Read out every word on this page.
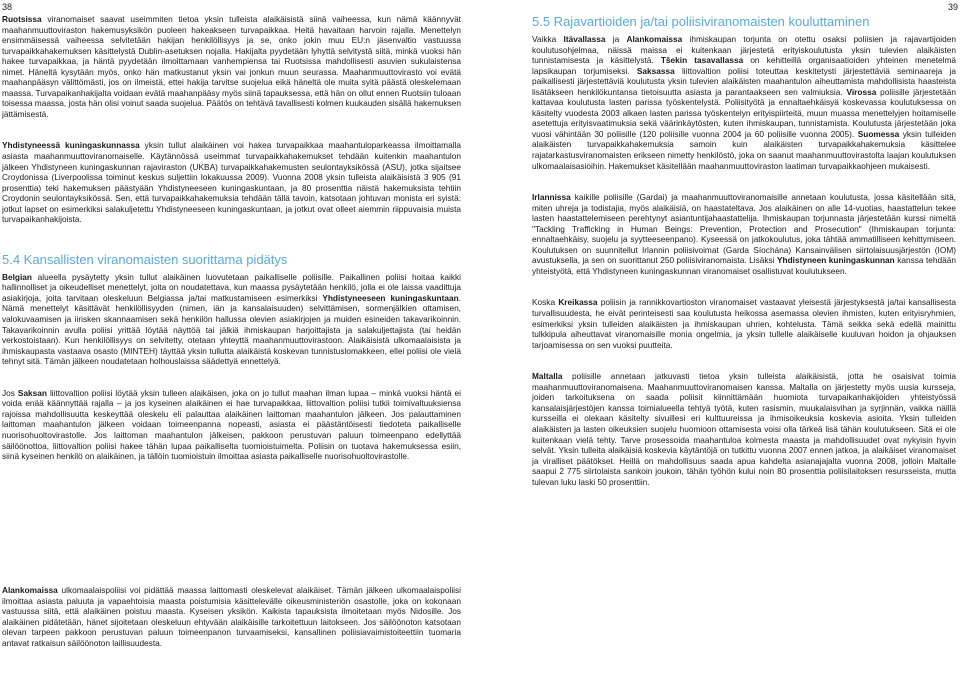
38	39

Ruotsissa viranomaiset saavat useimmiten tietoa yksin tulleista alaikäisistä siinä vaiheessa, kun nämä käännyvät maahanmuuttoviraston hakemusyksikön puoleen hakeakseen turvapaikkaa. Heitä havaitaan harvoin rajalla. Menettelyn ensimmäisessä vaiheessa selvitetään hakijan henkilöllisyys ja se, onko jokin muu EU:n jäsenvaltio vastuussa turvapaikkahakemuksen käsittelystä Dublin-asetuksen nojalla. Hakijalta pyydetään lyhyttä selvitystä siitä, minkä vuoksi hän hakee turvapaikkaa, ja häntä pyydetään ilmoittamaan vanhempiensa tai Ruotsissa mahdollisesti asuvien sukulaistensa nimet. Häneltä kysytään myös, onko hän matkustanut yksin vai jonkun muun seurassa. Maahanmuuttovirasto voi evätä maahanpääsyn välittömästi, jos on ilmeistä, ettei hakija tarvitse suojelua eikä häneltä ole muita syitä päästä oleskelemaan maassa. Turvapaikanhakijalta voidaan evätä maahanpääsy myös siinä tapauksessa, että hän on ollut ennen Ruotsiin tuloaan toisessa maassa, josta hän olisi voinut saada suojelua. Päätös on tehtävä tavallisesti kolmen kuukauden sisällä hakemuksen jättämisestä.

Yhdistyneessä kuningaskunnassa yksin tullut alaikäinen voi hakea turvapaikkaa maahantuloparkeassa ilmoittamalla asiasta maahanmuuttoviranomaiselle. Käytännössä useimmat turvapaikkahakemukset tehdään kuitenkin maahantulon jälkeen Yhdistyneen kuningaskunnan rajaviraston (UKBA) turvapaikkahakemusten seulontayksikössä (ASU), jotka sijaitsee Croydonissa (Liverpoolissa toiminut keskus suljettiin lokakuussa 2009). Vuonna 2008 yksin tulleista alaikäisistä 3 905 (91 prosenttia) teki hakemuksen päästyään Yhdistyneeseen kuningaskuntaan, ja 80 prosenttia näistä hakemuksista tehtiin Croydonin seulontayksikössä. Sen, että turvapaikkahakemuksia tehdään tällä tavoin, katsotaan johtuvan monista eri syistä: jotkut lapset on esimerkiksi salakuljetettu Yhdistyneeseen kuningaskuntaan, ja jotkut ovat olleet aiemmin riippuvaisia muista turvapaikanhakijoista.

5.4 Kansallisten viranomaisten suorittama pidätys

Belgian alueella pysäytetty yksin tullut alaikäinen luovutetaan paikalliselle poliisille. Paikallinen poliisi hoitaa kaikki hallinnolliset ja oikeudelliset menettelyt, joita on noudatettava, kun maassa pysäytetään henkilö, jolla ei ole laissa vaadittuja asiakirjoja, joita tarvitaan oleskeluun Belgiassa ja/tai matkustamiseen esimerkiksi Yhdistyneeseen kuningaskuntaan. Nämä menettelyt käsittävät henkilöllisyyden (nimen, iän ja kansalaisuuden) selvittämisen, sormenjälkien ottamisen, valokuvaamisen ja iirisken skannaamisen sekä henkilön hallussa olevien asiakirjojen ja muiden esineiden takavarikoinnin. Takavarikoinnin avulla poliisi yrittää löytää näyttöä tai jälkiä ihmiskaupan harjoittajista ja salakuljettajista (tai heidän verkostoistaan). Kun henkilöllisyys on selvitetty, otetaan yhteyttä maahanmuuttovirastoon. Alaikäisistä ulkomaalaisista ja ihmiskaupasta vastaava osasto (MINTEH) täyttää yksin tullutta alaikäistä koskevan tunnistuslomakkeen, ellei poliisi ole vielä tehnyt sitä. Tämän jälkeen noudatetaan holhouslaissa säädettyä ennettelyä.

Jos Saksan liittovaltion poliisi löytää yksin tulleen alaikäisen, joka on jo tullut maahan ilman lupaa – minkä vuoksi häntä ei voida enää käännyttää rajalla – ja jos kyseinen alaikäinen ei hae turvapaikkaa, liittovaltion poliisi tutkii toimivaltuuksiensa rajoissa mahdollisuutta keskeyttää oleskelu eli palauttaa alaikäinen laittoman maahantulon jälkeen. Jos palauttaminen laittoman maahantulon jälkeen voidaan toimeenpanna nopeasti, asiasta ei päästäntöisesti tiedoteta paikalliselle nuorisohuoltovirastolle. Jos laittoman maahantulon jälkeisen, pakkoon perustuvan paluun toimeenpano edellyttää säilöönottoa, liittovaltion poliisi hakee tähän lupaa paikalliselta tuomioistuimelta. Poliisin on tuotava hakemuksessa esiin, siinä kyseinen henkilö on alaikäinen, ja tällöin tuomioistuin ilmoittaa asiasta paikalliselle nuorisohuoltovirastolle.

Alankomaissa ulkomaalaispoliisi voi pidättää maassa laittomasti oleskelevat alaikäiset. Tämän jälkeen ulkomaalaispoliisi ilmoittaa asiasta paluuta ja vapaehtoisia maasta poistumisia käsittelevälle oikeusministeriön osastolle, joka on kokonaan vastuussa siitä, että alaikäinen poistuu maasta. Kyseisen yksikön. Kaikista tapauksista ilmoitetaan myös Nidosille. Jos alaikäinen pidätetään, hänet sijoitetaan oleskeluun ehtyvään alaikäisille tarkoitettuun laitokseen. Jos säilöönoton katsotaan olevan tarpeen pakkoon perustuvan paluun toimeenpanon turvaamiseksi, kansallinen poliisiavaimistoiteettiin tuomaria antavat ratkaisun säilöönoton laillisuudesta.

5.5 Rajavartioiden ja/tai poliisiviranomaisten kouluttaminen

Vaikka Itävallassa ja Alankomaissa ihmiskaupan torjunta on otettu osaksi poliisien ja rajavartijoiden koulutusohjelmaa, näissä maissa ei kuitenkaan järjestetä erityiskoulutusta yksin tulevien alaikäisten tunnistamisesta ja käsittelystä. Tšekin tasavallassa on kehitteillä organisaatioiden yhteinen menetelmä lapsikaupan torjumiseksi. Saksassa liittovaltion poliisi toteuttaa keskitetysti järjestettäviä seminaareja ja paikallisesti järjestettäviä koulutusta yksin tulevien alaikäisten maahantulon aiheuttamista mahdollisista haasteista lisätäkseen henkilökuntansa tietoisuutta asiasta ja parantaakseen sen valmiuksia. Virossa poliisille järjestetään kattavaa koulutusta lasten parissa työskentelystä. Poliisityötä ja ennaltaehkäisyä koskevassa koulutuksessa on käsitelty vuodesta 2003 alkaen lasten parissa työskentelyn erityispiirteitä, muun muassa menettelyjen hoitamiselle asetettuja erityisvaatimuksia sekä väärinkäytösten, kuten ihmiskaupan, tunnistamista. Koulutusta järjestetään joka vuosi vähintään 30 poliisille (120 poliisille vuonna 2004 ja 60 poliisille vuonna 2005). Suomessa yksin tulleiden alaikäisten turvapaikkahakemuksia samoin kuin alaikäisten turvapaikkahakemuksia käsittelee rajatarkastusviranomaisten erikseen nimetty henkilöstö, joka on saanut maahanmuuttovirastolta laajan koulutuksen ulkomaalaisasioihin. Hakemukset käsitellään maahanmuuttoviraston laatiman turvapaikkaohjeen mukaisesti.

Irlannissa kaikille poliisille (Gardai) ja maahanmuuttoviranomaisille annetaan koulutusta, jossa käsitellään sitä, miten uhreja ja todistajia, myös alaikäisiä, on haastateltava. Jos alaikäinen on alle 14-vuotias, haastattelun tekee lasten haastattelemiseen perehtynyt asiantuntijahaastattelija. Ihmiskaupan torjunnasta järjestetään kurssi nimeltä "Tackling Trafficking in Human Beings: Prevention, Protection and Prosecution" (Ihmiskaupan torjunta: ennaltaehkäisy, suojelu ja syytteeseenpano). Kyseessä on jatkokoulutus, joka tähtää ammatilliseen kehittymiseen. Koulutuksen on suunnitellut Irlannin poliisivoimat (Garda Síochána) Kansainvälisen siirtolaisuusjärjestön (IOM) avustuksella, ja sen on suorittanut 250 poliisiviranomaista. Lisäksi Yhdistyneen kuningaskunnan kanssa tehdään yhteistyötä, että Yhdistyneen kuningaskunnan viranomaiset osallistuvat koulutukseen.

Koska Kreikassa poliisin ja rannikkovartioston viranomaiset vastaavat yleisestä järjestyksestä ja/tai kansallisesta turvallisuudesta, he eivät perinteisesti saa koulutusta heikossa asemassa olevien ihmisten, kuten erityisryhmien, esimerkiksi yksin tulleiden alaikäisten ja ihmiskaupan uhrien, kohtelusta. Tämä seikka sekä edellä mainittu tulkkipula aiheuttavat viranomaisille monia ongelmia, ja yksin tullelle alaikäiselle kuuluvan hoidon ja ohjauksen tarjoamisessa on sen vuoksi puutteita.

Maltalla poliisille annetaan jatkuvasti tietoa yksin tulleista alaikäisistä, jotta he osaisivat toimia maahanmuuttoviranomaisena. Maahanmuuttoviranomaisen kanssa. Maltalla on järjestetty myös uusia kursseja, joiden tarkoituksena on saada poliisit kiinnittämään huomiota turvapaikanhakijoiden yhteistyössä kansalaisjärjestöjen kanssa toimialueella tehtyä työtä, kuten rasismin, muukalaisvihan ja syrjinnän, vaikka näillä kursseilla ei olekaan käsitelty sivuillesi eri kulttuureissa ja ihmisoikeuksia koskevia asioita. Yksin tulleiden alaikäisten ja lasten oikeuksien suojelu huomioon ottamisesta voisi olla tärkeä lisä tähän koulutukseen. Sitä ei ole kuitenkaan vielä tehty. Tarve prosessoida maahantuloa kolmesta maasta ja mahdollisuudet ovat nykyisin hyvin selvät. Yksin tulleita alaikäisiä koskevia käytäntöjä on tutkittu vuonna 2007 ennen jatkoa, ja alaikäiset viranomaiset ja viralliset päätökset. Heillä on mahdollisuus saada apua kahdelta asianajajalta vuonna 2008, jolloin Maltalle saapui 2 775 siirtolaista sankoin joukoin, tähän työhön kului noin 80 prosenttia poliisilaitoksen resursseista, mutta tulevan luku laski 50 prosenttiin.
